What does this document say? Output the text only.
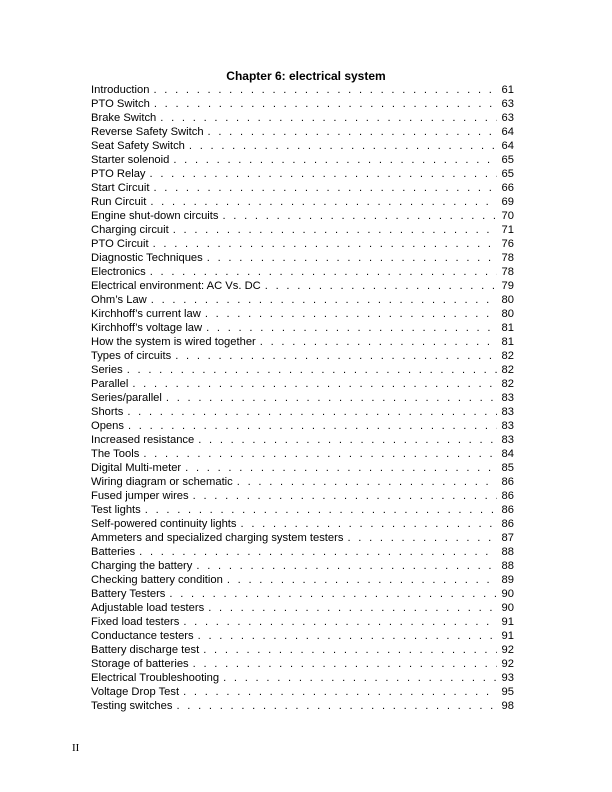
Chapter 6: electrical system
Introduction . . .	61
PTO Switch . . .	63
Brake Switch . . .	63
Reverse Safety Switch . . .	64
Seat Safety Switch . . .	64
Starter solenoid . . .	65
PTO Relay . . .	65
Start Circuit . . .	66
Run Circuit . . .	69
Engine shut-down circuits . . .	70
Charging circuit . . .	71
PTO Circuit . . .	76
Diagnostic Techniques . . .	78
Electronics . . .	78
Electrical environment: AC Vs. DC . . .	79
Ohm’s Law . . .	80
Kirchhoff’s current law . . .	80
Kirchhoff’s voltage law . . .	81
How the system is wired together . . .	81
Types of circuits . . .	82
Series . . .	82
Parallel . . .	82
Series/parallel . . .	83
Shorts . . .	83
Opens . . .	83
Increased resistance . . .	83
The Tools . . .	84
Digital Multi-meter . . .	85
Wiring diagram or schematic . . .	86
Fused jumper wires . . .	86
Test lights . . .	86
Self-powered continuity lights . . .	86
Ammeters and specialized charging system testers . . .	87
Batteries . . .	88
Charging the battery . . .	88
Checking battery condition . . .	89
Battery Testers . . .	90
Adjustable load testers . . .	90
Fixed load testers . . .	91
Conductance testers . . .	91
Battery discharge test . . .	92
Storage of batteries . . .	92
Electrical Troubleshooting . . .	93
Voltage Drop Test . . .	95
Testing switches . . .	98
II
